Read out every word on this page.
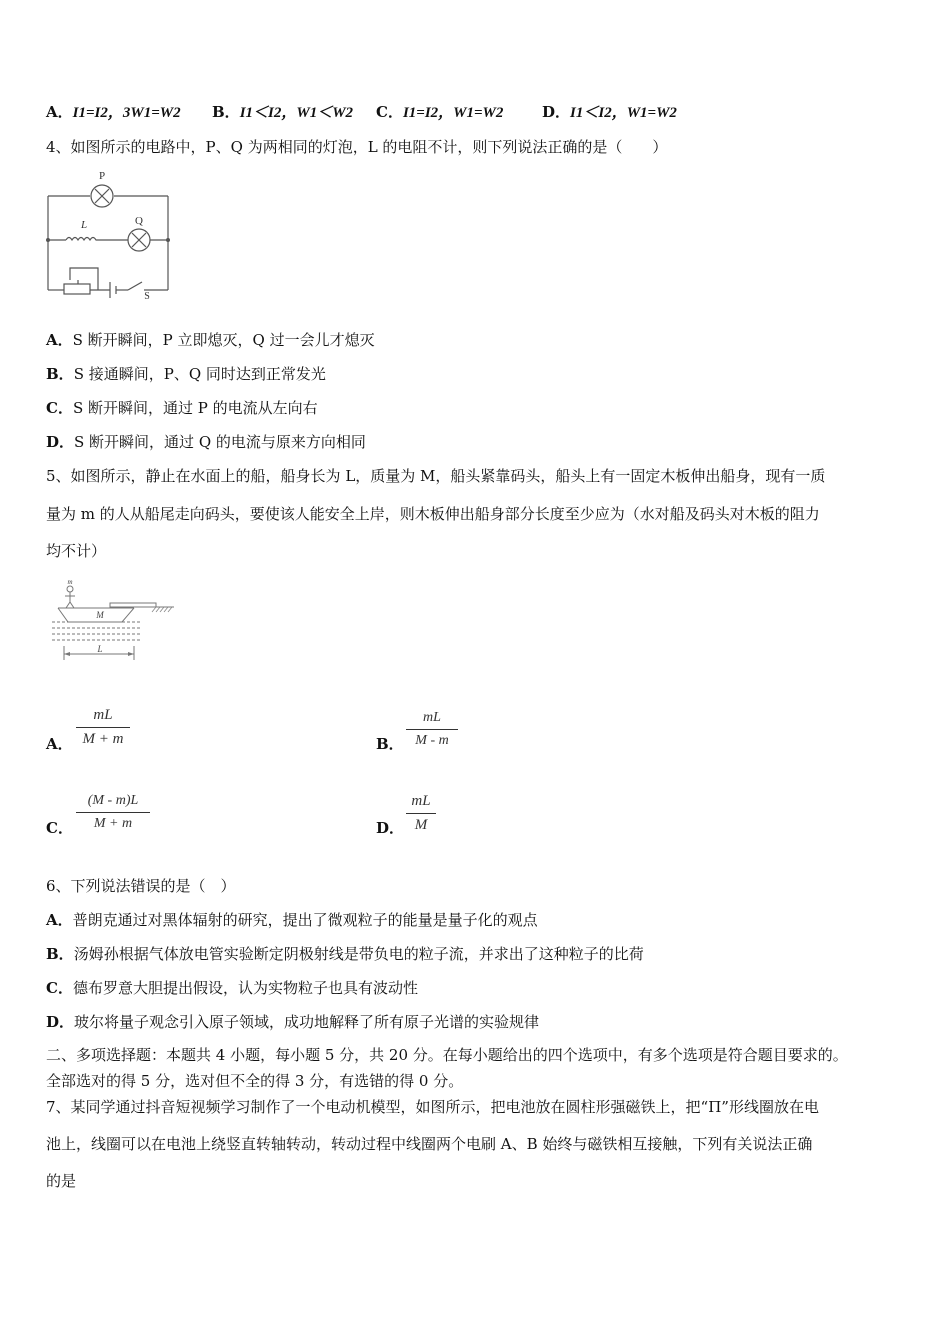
A．I1=I2，3W1=W2 B．I1＜I2，W1＜W2 C．I1=I2，W1=W2	D．I1＜I2，W1=W2
4、如图所示的电路中，P、Q 为两相同的灯泡，L 的电阻不计，则下列说法正确的是（　　）
P
L	Q
S
A．S 断开瞬间，P 立即熄灭，Q 过一会儿才熄灭
B．S 接通瞬间，P、Q 同时达到正常发光
C．S 断开瞬间，通过 P 的电流从左向右
D．S 断开瞬间，通过 Q 的电流与原来方向相同
5、如图所示，静止在水面上的船，船身长为 L，质量为 M，船头紧靠码头，船头上有一固定木板伸出船身，现有一质
量为 m 的人从船尾走向码头，要使该人能安全上岸，则木板伸出船身部分长度至少应为（水对船及码头对木板的阻力
均不计）
m
M
L
A．
mL
M + m	B．
mL
M - m
C．
(M - m)L
M + m	D．
mL
M
6、下列说法错误的是（　）
A．普朗克通过对黑体辐射的研究，提出了微观粒子的能量是量子化的观点
B．汤姆孙根据气体放电管实验断定阴极射线是带负电的粒子流，并求出了这种粒子的比荷
C．德布罗意大胆提出假设，认为实物粒子也具有波动性
D．玻尔将量子观念引入原子领域，成功地解释了所有原子光谱的实验规律
二、多项选择题：本题共 4 小题，每小题 5 分，共 20 分。在每小题给出的四个选项中，有多个选项是符合题目要求的。
全部选对的得 5 分，选对但不全的得 3 分，有选错的得 0 分。
7、某同学通过抖音短视频学习制作了一个电动机模型，如图所示，把电池放在圆柱形强磁铁上，把“Π”形线圈放在电
池上，线圈可以在电池上绕竖直转轴转动，转动过程中线圈两个电刷 A、B 始终与磁铁相互接触，下列有关说法正确
的是
